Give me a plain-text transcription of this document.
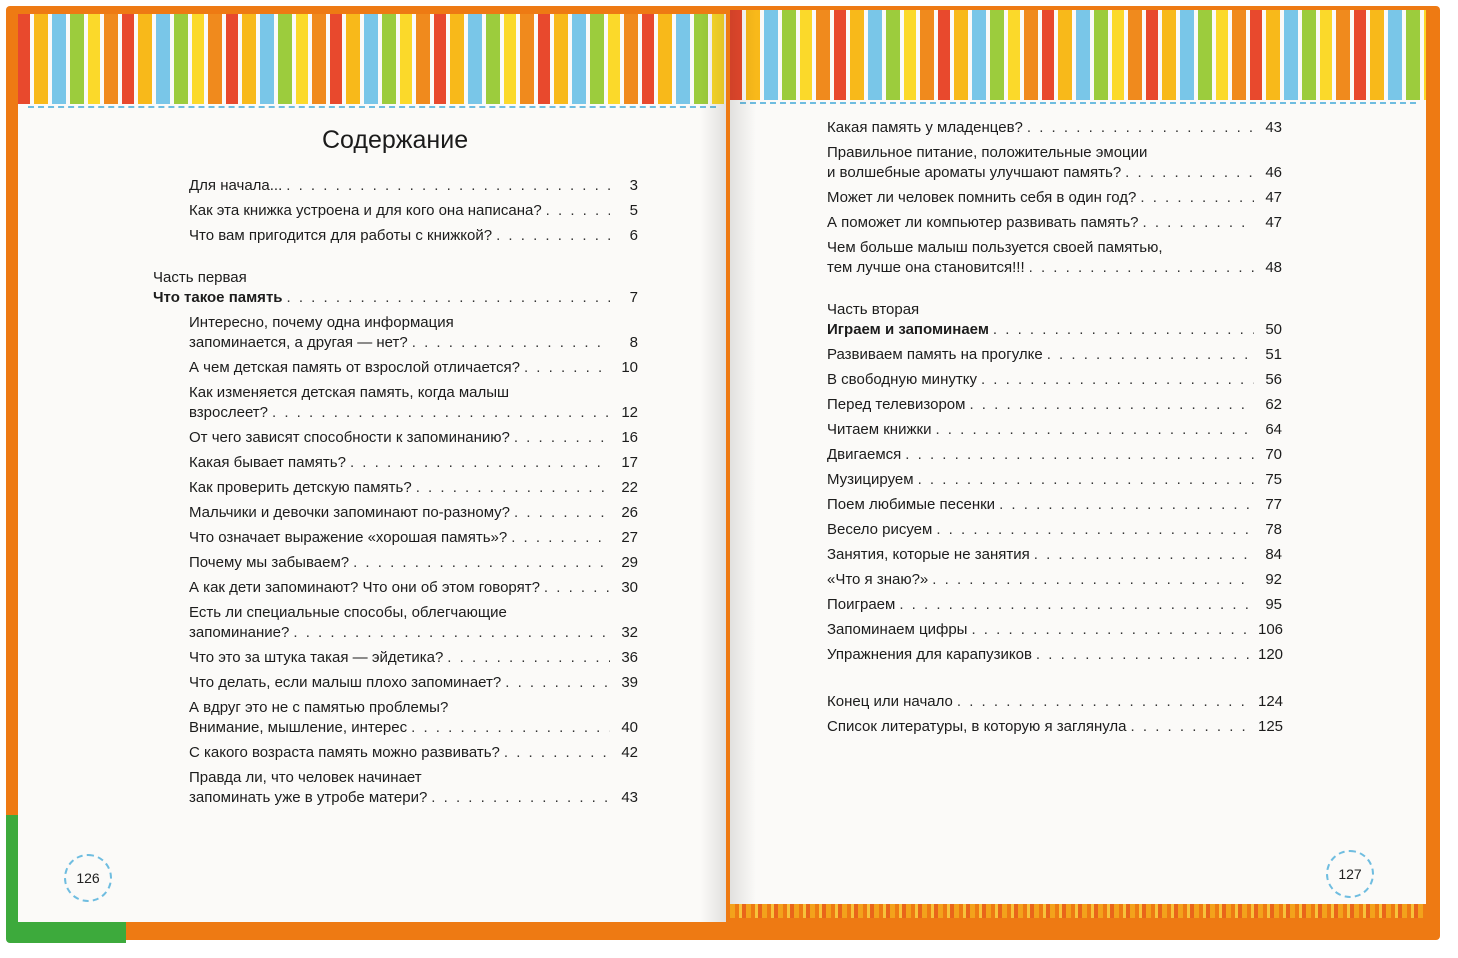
Содержание
Для начала... . . .	3
Как эта книжка устроена и для кого она написана? . . .	5
Что вам пригодится для работы с книжкой? . . .	6
Часть первая
Что такое память . . .	7
Интересно, почему одна информация
запоминается, а другая — нет? . . .	8
А чем детская память от взрослой отличается? . . .	10
Как изменяется детская память, когда малыш
взрослеет? . . .	12
От чего зависят способности к запоминанию? . . .	16
Какая бывает память? . . .	17
Как проверить детскую память? . . .	22
Мальчики и девочки запоминают по-разному? . . .	26
Что означает выражение «хорошая память»? . . .	27
Почему мы забываем? . . .	29
А как дети запоминают? Что они об этом говорят? . . .	30
Есть ли специальные способы, облегчающие
запоминание? . . .	32
Что это за штука такая — эйдетика? . . .	36
Что делать, если малыш плохо запоминает? . . .	39
А вдруг это не с памятью проблемы?
Внимание, мышление, интерес . . .	40
С какого возраста память можно развивать? . . .	42
Правда ли, что человек начинает
запоминать уже в утробе матери? . . .	43
126
Какая память у младенцев? . . .	43
Правильное питание, положительные эмоции
и волшебные ароматы улучшают память? . . .	46
Может ли человек помнить себя в один год? . . .	47
А поможет ли компьютер развивать память? . . .	47
Чем больше малыш пользуется своей памятью,
тем лучше она становится!!! . . .	48
Часть вторая
Играем и запоминаем . . .	50
Развиваем память на прогулке . . .	51
В свободную минутку . . .	56
Перед телевизором . . .	62
Читаем книжки . . .	64
Двигаемся . . .	70
Музицируем . . .	75
Поем любимые песенки . . .	77
Весело рисуем . . .	78
Занятия, которые не занятия . . .	84
«Что я знаю?» . . .	92
Поиграем . . .	95
Запоминаем цифры . . .	106
Упражнения для карапузиков . . .	120
Конец или начало . . .	124
Список литературы, в которую я заглянула . . .	125
127
